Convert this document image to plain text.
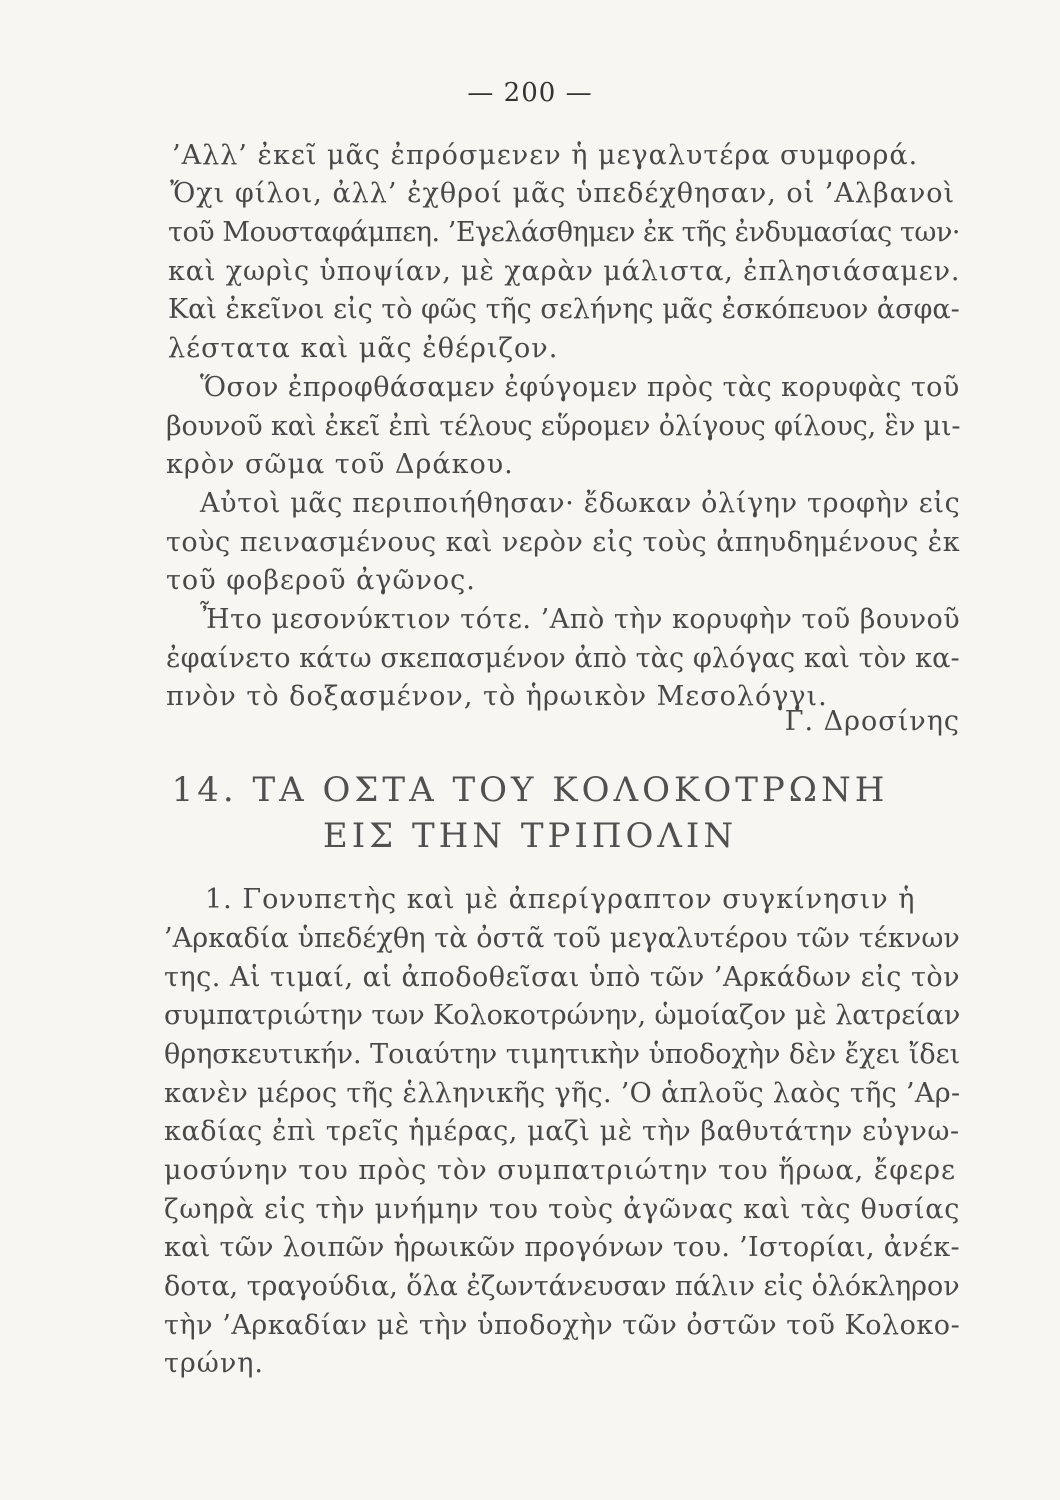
— 200 —
’Αλλ’ ἐκεῖ μᾶς ἐπρόσμενεν ἡ μεγαλυτέρα συμφορά.
Ὄχι φίλοι, ἀλλ’ ἐχθροί μᾶς ὑπεδέχθησαν, οἱ ’Αλβανοὶ
τοῦ Μουσταφάμπεη. ’Εγελάσθημεν ἐκ τῆς ἐνδυμασίας των·
καὶ χωρὶς ὑποψίαν, μὲ χαρὰν μάλιστα, ἐπλησιάσαμεν.
Καὶ ἐκεῖνοι εἰς τὸ φῶς τῆς σελήνης μᾶς ἐσκόπευον ἀσφα-
λέστατα καὶ μᾶς ἐθέριζον.
Ὅσον ἐπροφθάσαμεν ἐφύγομεν πρὸς τὰς κορυφὰς τοῦ
βουνοῦ καὶ ἐκεῖ ἐπὶ τέλους εὕρομεν ὀλίγους φίλους, ἓν μι-
κρὸν σῶμα τοῦ Δράκου.
Αὐτοὶ μᾶς περιποιήθησαν· ἔδωκαν ὀλίγην τροφὴν εἰς
τοὺς πεινασμένους καὶ νερὸν εἰς τοὺς ἀπηυδημένους ἐκ
τοῦ φοβεροῦ ἀγῶνος.
Ἦτο μεσονύκτιον τότε. ’Απὸ τὴν κορυφὴν τοῦ βουνοῦ
ἐφαίνετο κάτω σκεπασμένον ἀπὸ τὰς φλόγας καὶ τὸν κα-
πνὸν τὸ δοξασμένον, τὸ ἡρωικὸν Μεσολόγγι.
Γ. Δροσίνης
14. ΤΑ ΟΣΤΑ ΤΟΥ ΚΟΛΟΚΟΤΡΩΝΗ
ΕΙΣ ΤΗΝ ΤΡΙΠΟΛΙΝ
1. Γονυπετὴς καὶ μὲ ἀπερίγραπτον συγκίνησιν ἡ
’Αρκαδία ὑπεδέχθη τὰ ὀστᾶ τοῦ μεγαλυτέρου τῶν τέκνων
της. Αἱ τιμαί, αἱ ἀποδοθεῖσαι ὑπὸ τῶν ’Αρκάδων εἰς τὸν
συμπατριώτην των Κολοκοτρώνην, ὡμοίαζον μὲ λατρείαν
θρησκευτικήν. Τοιαύτην τιμητικὴν ὑποδοχὴν δὲν ἔχει ἴδει
κανὲν μέρος τῆς ἑλληνικῆς γῆς. ’Ο ἁπλοῦς λαὸς τῆς ’Αρ-
καδίας ἐπὶ τρεῖς ἡμέρας, μαζὶ μὲ τὴν βαθυτάτην εὐγνω-
μοσύνην του πρὸς τὸν συμπατριώτην του ἥρωα, ἔφερε
ζωηρὰ εἰς τὴν μνήμην του τοὺς ἀγῶνας καὶ τὰς θυσίας
καὶ τῶν λοιπῶν ἡρωικῶν προγόνων του. ’Ιστορίαι, ἀνέκ-
δοτα, τραγούδια, ὅλα ἐζωντάνευσαν πάλιν εἰς ὁλόκληρον
τὴν ’Αρκαδίαν μὲ τὴν ὑποδοχὴν τῶν ὀστῶν τοῦ Κολοκο-
τρώνη.
